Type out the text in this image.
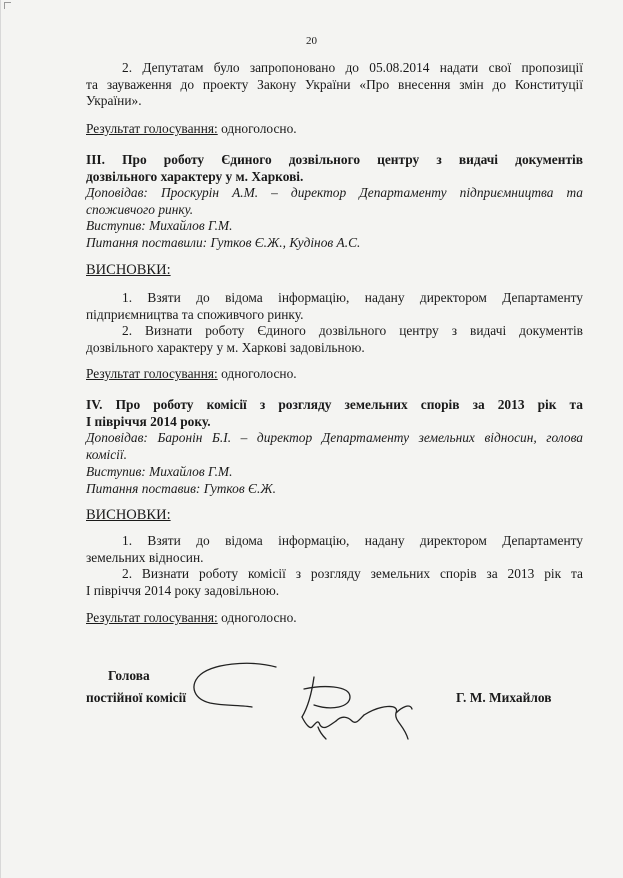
20
2. Депутатам було запропоновано до 05.08.2014 надати свої пропозиції
та зауваження до проекту Закону України «Про внесення змін до Конституції
України».
Результат голосування: одноголосно.
ІІІ. Про роботу Єдиного дозвільного центру з видачі документів
дозвільного характеру у м. Харкові.
Доповідав: Проскурін А.М. – директор Департаменту підприємництва та
споживчого ринку.
Виступив: Михайлов Г.М.
Питання поставили: Гутков Є.Ж., Кудінов А.С.
ВИСНОВКИ:
1. Взяти до відома інформацію, надану директором Департаменту
підприємництва та споживчого ринку.
2. Визнати роботу Єдиного дозвільного центру з видачі документів
дозвільного характеру у м. Харкові задовільною.
Результат голосування: одноголосно.
IV. Про роботу комісії з розгляду земельних спорів за 2013 рік та
І півріччя 2014 року.
Доповідав: Баронін Б.І. – директор Департаменту земельних відносин, голова
комісії.
Виступив: Михайлов Г.М.
Питання поставив: Гутков Є.Ж.
ВИСНОВКИ:
1. Взяти до відома інформацію, надану директором Департаменту
земельних відносин.
2. Визнати роботу комісії з розгляду земельних спорів за 2013 рік та
І півріччя 2014 року задовільною.
Результат голосування: одноголосно.
Голова
постійної комісії	Г. М. Михайлов
